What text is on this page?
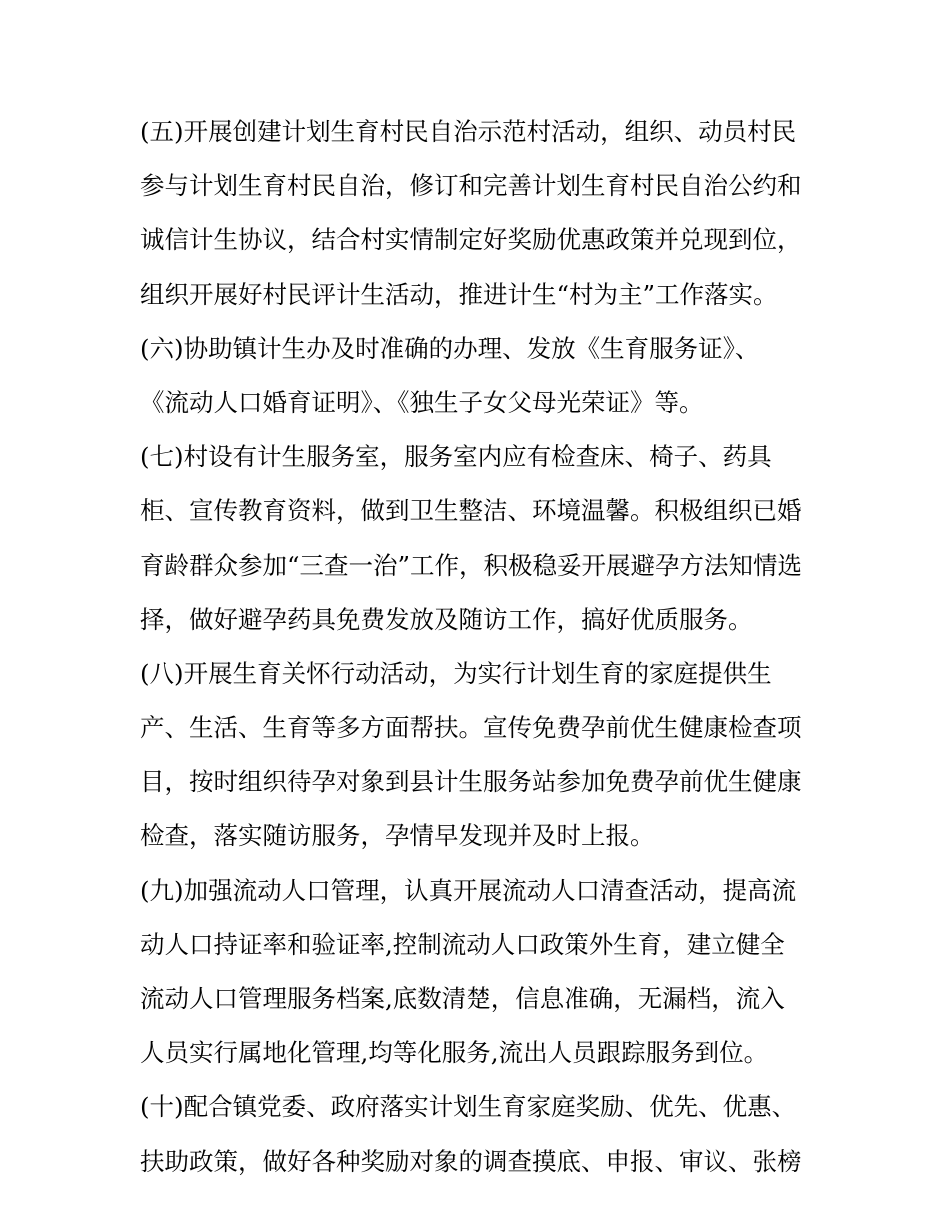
(五)开展创建计划生育村民自治示范村活动，组织、动员村民
参与计划生育村民自治，修订和完善计划生育村民自治公约和
诚信计生协议，结合村实情制定好奖励优惠政策并兑现到位，
组织开展好村民评计生活动，推进计生“村为主”工作落实。
(六)协助镇计生办及时准确的办理、发放《生育服务证》、
《流动人口婚育证明》、《独生子女父母光荣证》等。
(七)村设有计生服务室，服务室内应有检查床、椅子、药具
柜、宣传教育资料，做到卫生整洁、环境温馨。积极组织已婚
育龄群众参加“三查一治”工作，积极稳妥开展避孕方法知情选
择，做好避孕药具免费发放及随访工作，搞好优质服务。
(八)开展生育关怀行动活动，为实行计划生育的家庭提供生
产、生活、生育等多方面帮扶。宣传免费孕前优生健康检查项
目，按时组织待孕对象到县计生服务站参加免费孕前优生健康
检查，落实随访服务，孕情早发现并及时上报。
(九)加强流动人口管理，认真开展流动人口清查活动，提高流
动人口持证率和验证率,控制流动人口政策外生育，建立健全
流动人口管理服务档案,底数清楚，信息准确，无漏档，流入
人员实行属地化管理,均等化服务,流出人员跟踪服务到位。
(十)配合镇党委、政府落实计划生育家庭奖励、优先、优惠、
扶助政策，做好各种奖励对象的调查摸底、申报、审议、张榜
